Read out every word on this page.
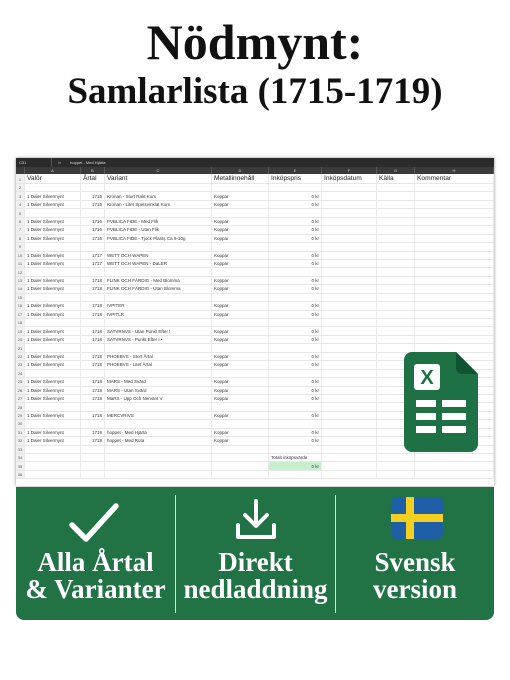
Nödmynt:
Samlarlista (1715-1719)
C31	fx	hoppet - Med Hjärta
A	B	C	D	E	F	G	H
1 Valör	Årtal	Variant	Metallinnehåll	Inköpspris	Inköpsdatum	Källa	Kommentar
2
3	1 Daler Silvermynt	1715	Kronan - Stort Rakt Kors	Koppar	0 kr
4	1 Daler Silvermynt	1715	Kronan - Litet Spetsvinklat Kors	Koppar	0 kr
5
6	1 Daler Silvermynt	1716	PVBLICA FIDE - Med Flik	Koppar	0 kr
7	1 Daler Silvermynt	1716	PVBLICA FIDE - Utan Flik	Koppar	0 kr
8	1 Daler Silvermynt	1716	PVBLICA FIDE - Tjock Plantș Ca 9-10g	Koppar	0 kr
9
10	1 Daler Silvermynt	1717	WETT OCH WAPEN	Koppar	0 kr
11	1 Daler Silvermynt	1717	WETT OCH WAPEN - DaLER	Koppar	0 kr
12
13	1 Daler Silvermynt	1718	FLINK OCH FÄRDIG - Med Blomma	Koppar	0 kr
14	1 Daler Silvermynt	1718	FLINK OCH FÄRDIG - Utan Blomma	Koppar	0 kr
15
16	1 Daler Silvermynt	1718	IVPITER	Koppar	0 kr
17	1 Daler Silvermynt	1718	IVPITLR	Koppar	0 kr
18
19	1 Daler Silvermynt	1718	SATVRNVS - Utan Punkt Efter I	Koppar	0 kr
20	1 Daler Silvermynt	1718	SATVRNVS - Punkt Efter I •	Koppar	0 kr
21
22	1 Daler Silvermynt	1718	PHOEBVS - Stort Årtal	Koppar	0 kr
23	1 Daler Silvermynt	1718	PHOEBVS - Litet Årtal	Koppar	0 kr
24
25	1 Daler Silvermynt	1718	MARS - Med Svärd	Koppar	0 kr
26	1 Daler Silvermynt	1718	MARS - Utan Svärd	Koppar	0 kr
27	1 Daler Silvermynt	1718	MaRS - Upp Och Nervänt V	Koppar	0 kr
28
29	1 Daler Silvermynt	1718	MERCVRIVS	Koppar	0 kr
30
31	1 Daler Silvermynt	1719	hoppet - Med Hjärta	Koppar	0 kr
32	1 Daler Silvermynt	1719	hoppet - Med Ruta	Koppar	0 kr
33
34	Totalt inköpsvärde
35	0 kr
36
X
Alla Årtal
& Varianter
Direkt
nedladdning
Svensk
version
